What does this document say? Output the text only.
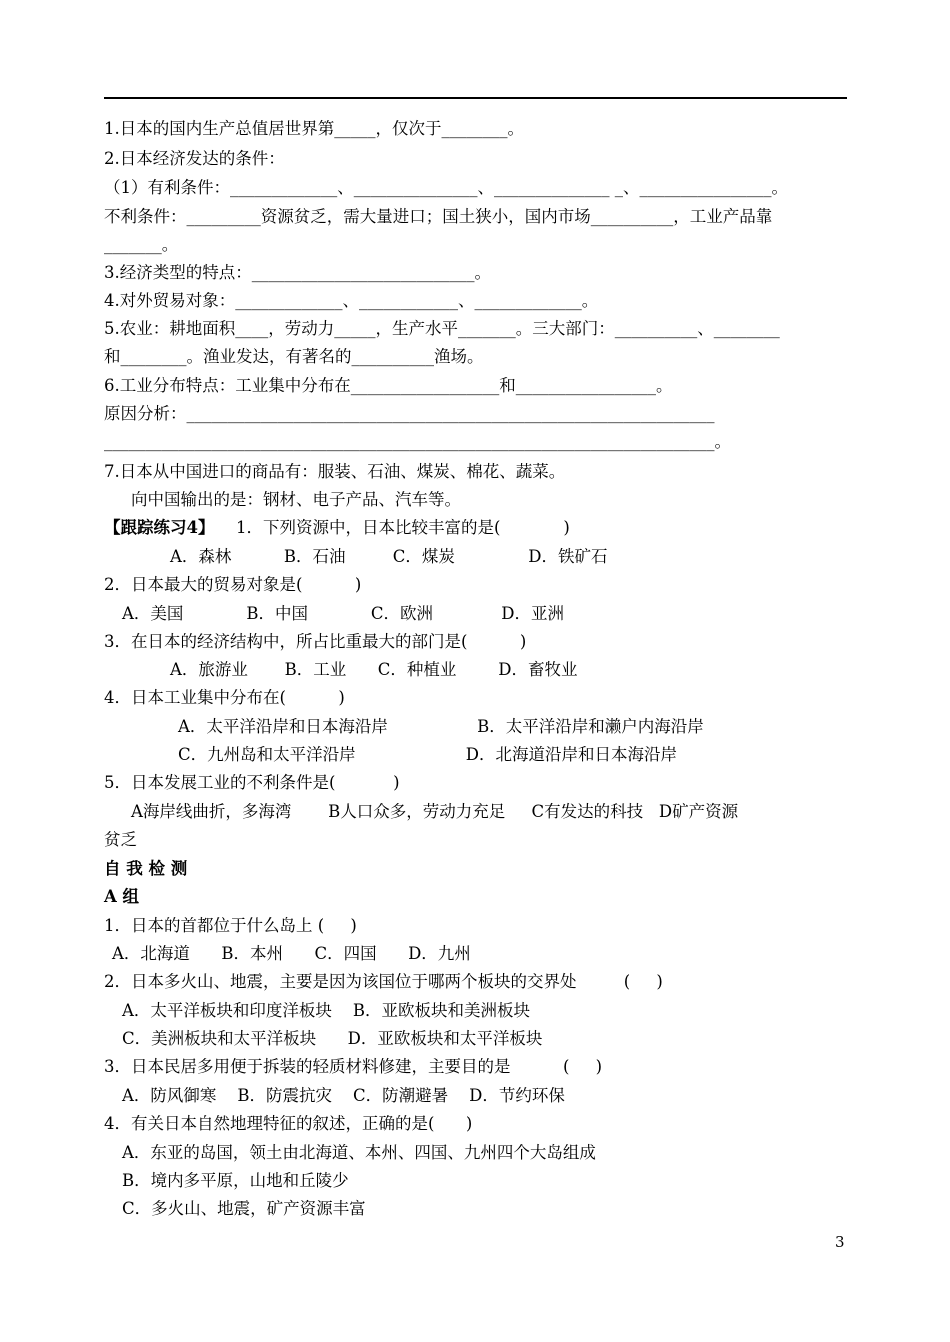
1.日本的国内生产总值居世界第_____，仅次于________。
2.日本经济发达的条件：
（1）有利条件：_____________、_______________、______________ _、________________。
不利条件：_________资源贫乏，需大量进口；国土狭小，国内市场__________，工业产品靠
_______。
3.经济类型的特点：___________________________。
4.对外贸易对象：_____________、____________、_____________。
5.农业：耕地面积____，劳动力_____，生产水平_______。三大部门：__________、________
和________。渔业发达，有著名的__________渔场。
6.工业分布特点：工业集中分布在__________________和_________________。
原因分析：________________________________________________________________
__________________________________________________________________________。
7.日本从中国进口的商品有：服装、石油、煤炭、棉花、蔬菜。
向中国输出的是：钢材、电子产品、汽车等。
【跟踪练习4】 1．下列资源中，日本比较丰富的是(            )
A．森林          B．石油         C．煤炭              D．铁矿石
2．日本最大的贸易对象是(          )
A．美国            B．中国            C．欧洲             D．亚洲
3．在日本的经济结构中，所占比重最大的部门是(          )
A．旅游业       B．工业      C．种植业        D．畜牧业
4．日本工业集中分布在(          )
A．太平洋沿岸和日本海沿岸                 B．太平洋沿岸和濑户内海沿岸
C．九州岛和太平洋沿岸                     D．北海道沿岸和日本海沿岸
5．日本发展工业的不利条件是(           )
A海岸线曲折，多海湾       B人口众多，劳动力充足     C有发达的科技   D矿产资源
贫乏
自 我 检 测
A 组
1．日本的首都位于什么岛上 (     )
A．北海道      B．本州      C．四国      D．九州
2．日本多火山、地震，主要是因为该国位于哪两个板块的交界处         (     )
A．太平洋板块和印度洋板块    B．亚欧板块和美洲板块
C．美洲板块和太平洋板块      D．亚欧板块和太平洋板块
3．日本民居多用便于拆装的轻质材料修建，主要目的是          (     )
A．防风御寒    B．防震抗灾    C．防潮避暑    D．节约环保
4．有关日本自然地理特征的叙述，正确的是(      )
A．东亚的岛国，领土由北海道、本州、四国、九州四个大岛组成
B．境内多平原，山地和丘陵少
C．多火山、地震，矿产资源丰富
3
